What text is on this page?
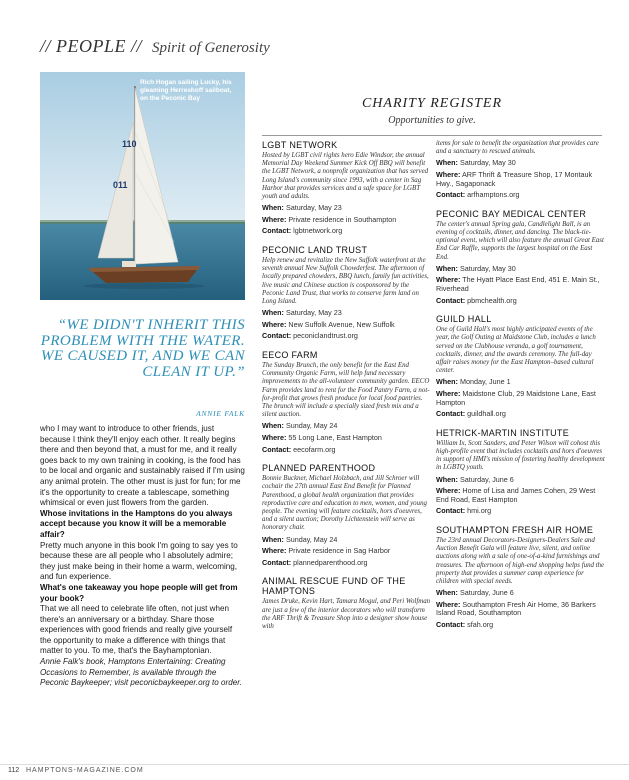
// PEOPLE // Spirit of Generosity
110
011
Rich Hogan sailing Lucky, his gleaming Herreshoff sailboat, on the Peconic Bay
“WE DIDN'T INHERIT THIS PROBLEM WITH THE WATER. WE CAUSED IT, AND WE CAN CLEAN IT UP.”
ANNIE FALK

who I may want to introduce to other friends, just because I think they'll enjoy each other. It really begins there and then beyond that, a must for me, and it really goes back to my own training in cooking, is the food has to be local and organic and sustainably raised if I'm using any animal protein. The other must is just for fun; for me it's the opportunity to create a tablescape, something whimsical or even just flowers from the garden.

Whose invitations in the Hamptons do you always accept because you know it will be a memorable affair?

Pretty much anyone in this book I'm going to say yes to because these are all people who I absolutely admire; they just make being in their home a warm, welcoming, and fun experience.

What's one takeaway you hope people will get from your book?

That we all need to celebrate life often, not just when there's an anniversary or a birthday. Share those experiences with good friends and really give yourself the opportunity to make a difference with things that matter to you. To me, that's the Bayhamptonian.

Annie Falk's book, Hamptons Entertaining: Creating Occasions to Remember, is available through the Peconic Baykeeper; visit peconicbaykeeper.org to order.

CHARITY REGISTER
Opportunities to give.
LGBT NETWORK
Hosted by LGBT civil rights hero Edie Windsor, the annual Memorial Day Weekend Summer Kick Off BBQ will benefit the LGBT Network, a nonprofit organization that has served Long Island's community since 1993, with a center in Sag Harbor that provides services and a safe space for LGBT youth and adults.
When: Saturday, May 23
Where: Private residence in Southampton
Contact: lgbtnetwork.org
PECONIC LAND TRUST
Help renew and revitalize the New Suffolk waterfront at the seventh annual New Suffolk Chowderfest. The afternoon of locally prepared chowders, BBQ lunch, family fun activities, live music and Chinese auction is cosponsored by the Peconic Land Trust, that works to conserve farm land on Long Island.
When: Saturday, May 23
Where: New Suffolk Avenue, New Suffolk
Contact: peconiclandtrust.org
EECO FARM
The Sunday Brunch, the only benefit for the East End Community Organic Farm, will help fund necessary improvements to the all-volunteer community garden. EECO Farm provides land to rent for the Food Pantry Farm, a not-for-profit that grows fresh produce for local food pantries. The brunch will include a specially sized fresh mix and a silent auction.
When: Sunday, May 24
Where: 55 Long Lane, East Hampton
Contact: eecofarm.org
PLANNED PARENTHOOD
Bonnie Buckner, Michael Holzbach, and Jill Schroer will cochair the 27th annual East End Benefit for Planned Parenthood, a global health organization that provides reproductive care and education to men, women, and young people. The evening will feature cocktails, hors d'oeuvres, and a silent auction; Dorothy Lichtenstein will serve as honorary chair.
When: Sunday, May 24
Where: Private residence in Sag Harbor
Contact: plannedparenthood.org
ANIMAL RESCUE FUND OF THE HAMPTONS
James Druke, Kevin Hart, Tamara Mogul, and Peri Wolfman are just a few of the interior decorators who will transform the ARF Thrift & Treasure Shop into a designer show house with
items for sale to benefit the organization that provides care and a sanctuary to rescued animals.
When: Saturday, May 30
Where: ARF Thrift & Treasure Shop, 17 Montauk Hwy., Sagaponack
Contact: arfhamptons.org
PECONIC BAY MEDICAL CENTER
The center's annual Spring gala, Candlelight Ball, is an evening of cocktails, dinner, and dancing. The black-tie-optional event, which will also feature the annual Great East End Car Raffle, supports the largest hospital on the East End.
When: Saturday, May 30
Where: The Hyatt Place East End, 451 E. Main St., Riverhead
Contact: pbmchealth.org
GUILD HALL
One of Guild Hall's most highly anticipated events of the year, the Golf Outing at Maidstone Club, includes a lunch served on the Clubhouse veranda, a golf tournament, cocktails, dinner, and the awards ceremony. The full-day affair raises money for the East Hampton–based cultural center.
When: Monday, June 1
Where: Maidstone Club, 29 Maidstone Lane, East Hampton
Contact: guildhall.org
HETRICK-MARTIN INSTITUTE
William Ix, Scott Sanders, and Peter Wilson will cohost this high-profile event that includes cocktails and hors d'oeuvres in support of HMI's mission of fostering healthy development in LGBTQ youth.
When: Saturday, June 6
Where: Home of Lisa and James Cohen, 29 West End Road, East Hampton
Contact: hmi.org
SOUTHAMPTON FRESH AIR HOME
The 23rd annual Decorators-Designers-Dealers Sale and Auction Benefit Gala will feature live, silent, and online auctions along with a sale of one-of-a-kind furnishings and treasures. The afternoon of high-end shopping helps fund the property that provides a summer camp experience for children with special needs.
When: Saturday, June 6
Where: Southampton Fresh Air Home, 36 Barkers Island Road, Southampton
Contact: sfah.org
112 HAMPTONS-MAGAZINE.COM
